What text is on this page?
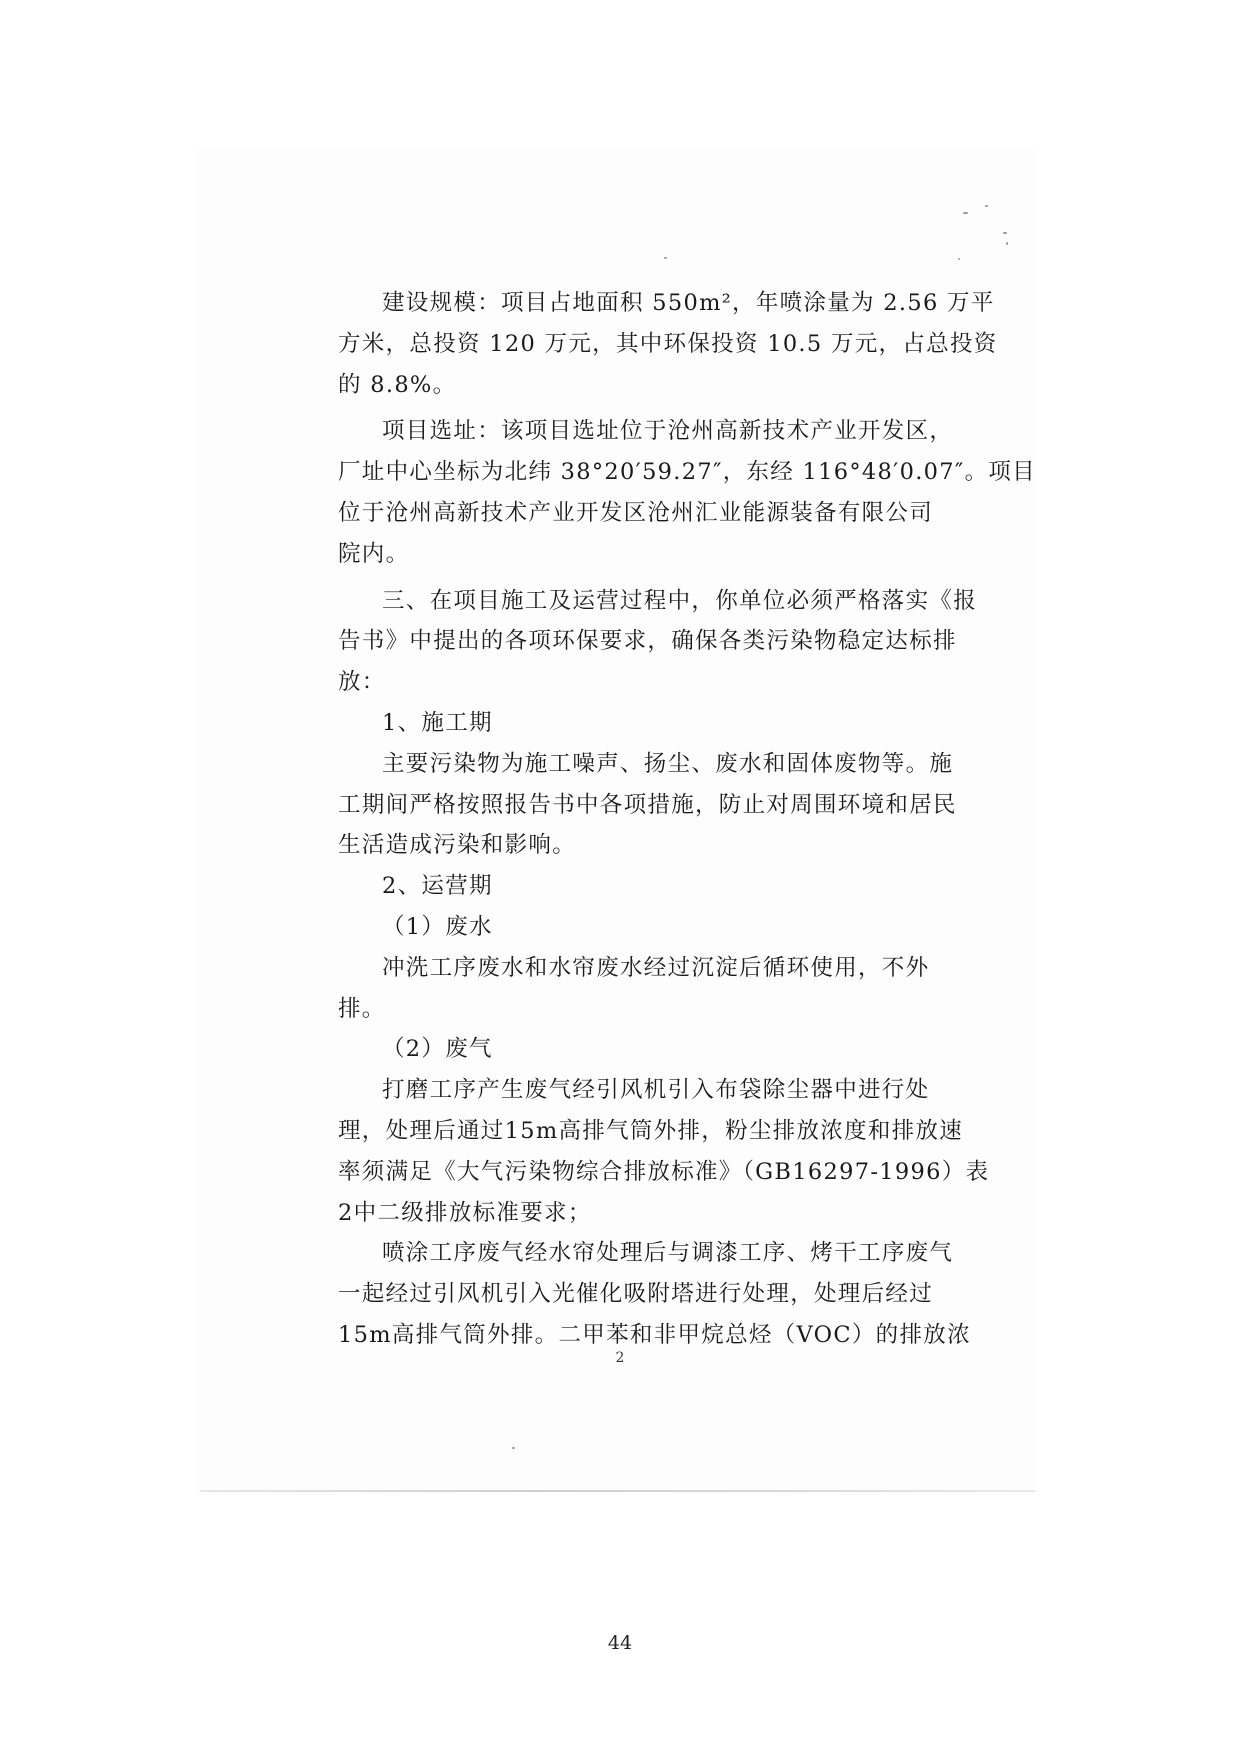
建设规模：项目占地面积 550m²，年喷涂量为 2.56 万平
方米，总投资 120 万元，其中环保投资 10.5 万元，占总投资
的 8.8%。
项目选址：该项目选址位于沧州高新技术产业开发区，
厂址中心坐标为北纬 38°20′59.27″，东经 116°48′0.07″。项目
位于沧州高新技术产业开发区沧州汇业能源装备有限公司
院内。
三、在项目施工及运营过程中，你单位必须严格落实《报
告书》中提出的各项环保要求，确保各类污染物稳定达标排
放：
1、施工期
主要污染物为施工噪声、扬尘、废水和固体废物等。施
工期间严格按照报告书中各项措施，防止对周围环境和居民
生活造成污染和影响。
2、运营期
（1）废水
冲洗工序废水和水帘废水经过沉淀后循环使用，不外
排。
（2）废气
打磨工序产生废气经引风机引入布袋除尘器中进行处
理，处理后通过15m高排气筒外排，粉尘排放浓度和排放速
率须满足《大气污染物综合排放标准》（GB16297-1996）表
2中二级排放标准要求；
喷涂工序废气经水帘处理后与调漆工序、烤干工序废气
一起经过引风机引入光催化吸附塔进行处理，处理后经过
15m高排气筒外排。二甲苯和非甲烷总烃（VOC）的排放浓
2
44
